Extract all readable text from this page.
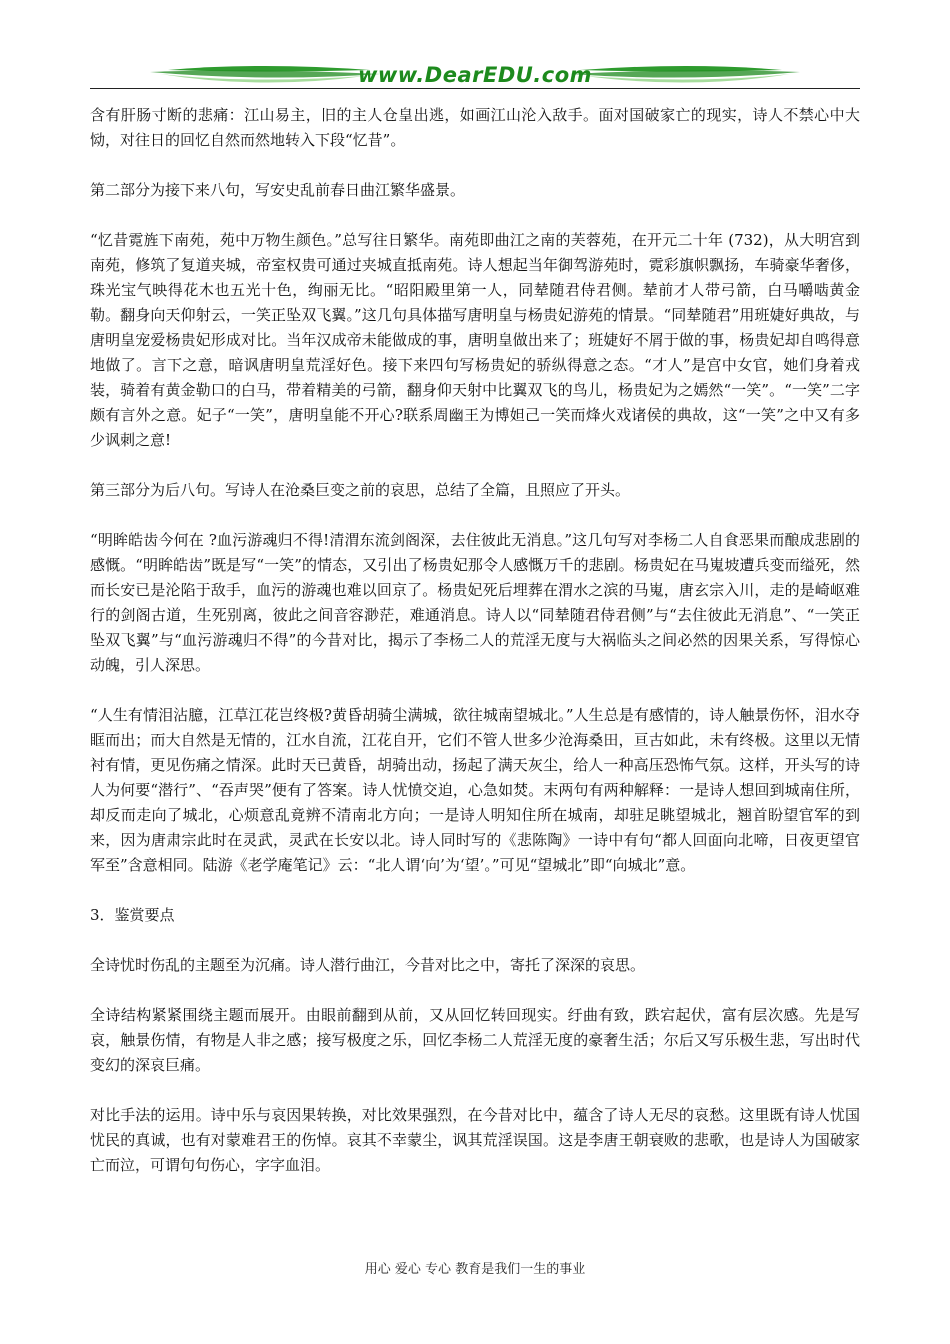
www.DearEDU.com

含有肝肠寸断的悲痛：江山易主，旧的主人仓皇出逃，如画江山沦入敌手。面对国破家亡的现实，诗人不禁心中大恸，对往日的回忆自然而然地转入下段“忆昔”。

第二部分为接下来八句，写安史乱前春日曲江繁华盛景。

“忆昔霓旌下南苑，苑中万物生颜色。”总写往日繁华。南苑即曲江之南的芙蓉苑，在开元二十年 (732)，从大明宫到南苑，修筑了复道夹城，帝室权贵可通过夹城直抵南苑。诗人想起当年御驾游苑时，霓彩旗帜飘扬，车骑豪华奢侈，珠光宝气映得花木也五光十色，绚丽无比。“昭阳殿里第一人，同辇随君侍君侧。辇前才人带弓箭，白马嚼啮黄金勒。翻身向天仰射云，一笑正坠双飞翼。”这几句具体描写唐明皇与杨贵妃游苑的情景。“同辇随君”用班婕好典故，与唐明皇宠爱杨贵妃形成对比。当年汉成帝未能做成的事，唐明皇做出来了；班婕好不屑于做的事，杨贵妃却自鸣得意地做了。言下之意，暗讽唐明皇荒淫好色。接下来四句写杨贵妃的骄纵得意之态。“才人”是宫中女官，她们身着戎装，骑着有黄金勒口的白马，带着精美的弓箭，翻身仰天射中比翼双飞的鸟儿，杨贵妃为之嫣然“一笑”。“一笑”二字颇有言外之意。妃子“一笑”，唐明皇能不开心?联系周幽王为博妲己一笑而烽火戏诸侯的典故，这“一笑”之中又有多少讽刺之意!

第三部分为后八句。写诗人在沧桑巨变之前的哀思，总结了全篇，且照应了开头。

“明眸皓齿今何在 ?血污游魂归不得!清渭东流剑阁深，去住彼此无消息。”这几句写对李杨二人自食恶果而酿成悲剧的感慨。“明眸皓齿”既是写“一笑”的情态，又引出了杨贵妃那令人感慨万千的悲剧。杨贵妃在马嵬坡遭兵变而缢死，然而长安已是沦陷于敌手，血污的游魂也难以回京了。杨贵妃死后埋葬在渭水之滨的马嵬，唐玄宗入川，走的是崎岖难行的剑阁古道，生死别离，彼此之间音容渺茫，难通消息。诗人以“同辇随君侍君侧”与“去住彼此无消息”、“一笑正坠双飞翼”与“血污游魂归不得”的今昔对比，揭示了李杨二人的荒淫无度与大祸临头之间必然的因果关系，写得惊心动魄，引人深思。

“人生有情泪沾臆，江草江花岂终极?黄昏胡骑尘满城，欲往城南望城北。”人生总是有感情的，诗人触景伤怀，泪水夺眶而出；而大自然是无情的，江水自流，江花自开，它们不管人世多少沧海桑田，亘古如此，未有终极。这里以无情衬有情，更见伤痛之情深。此时天已黄昏，胡骑出动，扬起了满天灰尘，给人一种高压恐怖气氛。这样，开头写的诗人为何要“潜行”、“吞声哭”便有了答案。诗人忧愤交迫，心急如焚。末两句有两种解释：一是诗人想回到城南住所，却反而走向了城北，心烦意乱竟辨不清南北方向；一是诗人明知住所在城南，却驻足眺望城北，翘首盼望官军的到来，因为唐肃宗此时在灵武，灵武在长安以北。诗人同时写的《悲陈陶》一诗中有句“都人回面向北啼，日夜更望官军至”含意相同。陆游《老学庵笔记》云：“北人谓‘向’为‘望’。”可见“望城北”即“向城北”意。

3．鉴赏要点

全诗忧时伤乱的主题至为沉痛。诗人潜行曲江，今昔对比之中，寄托了深深的哀思。

全诗结构紧紧围绕主题而展开。由眼前翻到从前，又从回忆转回现实。纡曲有致，跌宕起伏，富有层次感。先是写哀，触景伤情，有物是人非之感；接写极度之乐，回忆李杨二人荒淫无度的豪奢生活；尔后又写乐极生悲，写出时代变幻的深哀巨痛。

对比手法的运用。诗中乐与哀因果转换，对比效果强烈，在今昔对比中，蕴含了诗人无尽的哀愁。这里既有诗人忧国忧民的真诚，也有对蒙难君王的伤悼。哀其不幸蒙尘，讽其荒淫误国。这是李唐王朝衰败的悲歌，也是诗人为国破家亡而泣，可谓句句伤心，字字血泪。

用心 爱心 专心 教育是我们一生的事业
